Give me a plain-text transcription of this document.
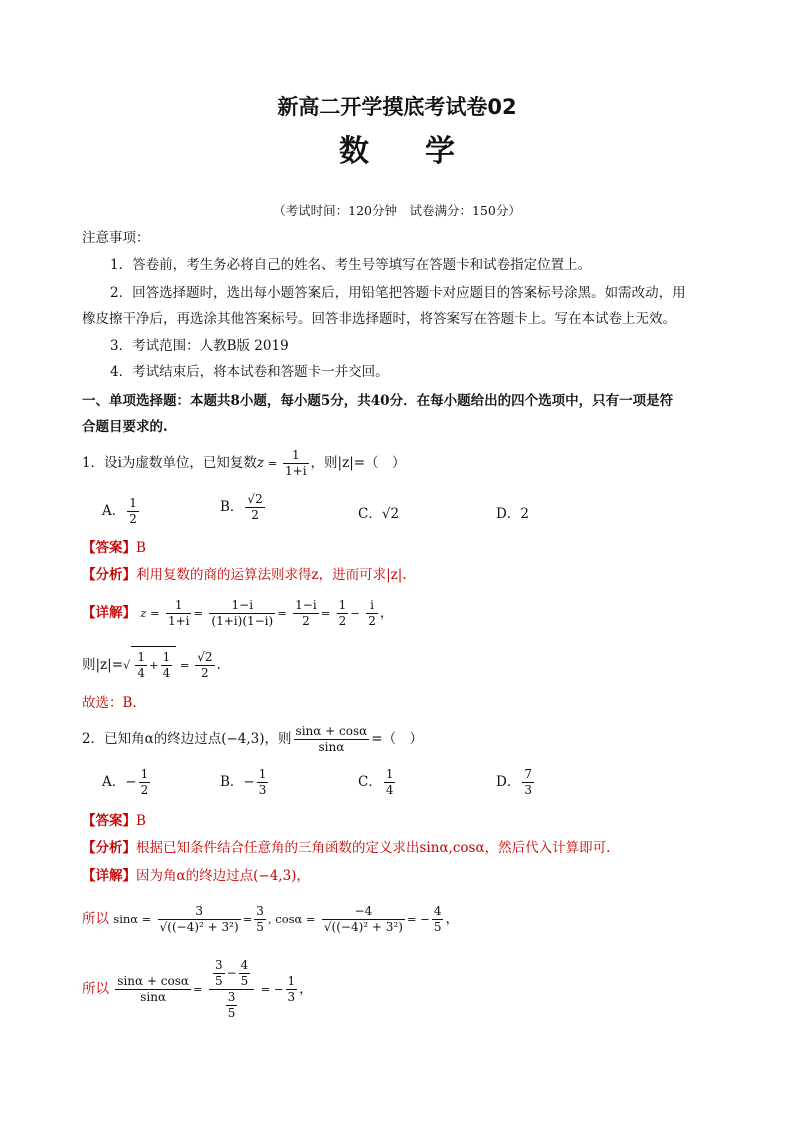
新高二开学摸底考试卷02
数学
（考试时间：120分钟　试卷满分：150分）
注意事项：
1．答卷前，考生务必将自己的姓名、考生号等填写在答题卡和试卷指定位置上。
2．回答选择题时，选出每小题答案后，用铅笔把答题卡对应题目的答案标号涂黑。如需改动，用
橡皮擦干净后，再选涂其他答案标号。回答非选择题时，将答案写在答题卡上。写在本试卷上无效。
3．考试范围：人教B版 2019
4．考试结束后，将本试卷和答题卡一并交回。
一、单项选择题：本题共8小题，每小题5分，共40分．在每小题给出的四个选项中，只有一项是符
合题目要求的.
1．设i为虚数单位，已知复数$z = \frac{1}{1+i}$ ，则|z|=（　）
A． $\frac{1}{2}$	B． $\frac{√2}{2}$	C．√2	D．2
【答案】B
【分析】利用复数的商的运算法则求得z，进而可求|z|.
【详解】 $z = \frac{1}{1+i} = \frac{1-i}{(1+i)(1-i)} = \frac{1-i}{2} = \frac{1}{2} - \frac{i}{2}$ ，
则$|z|=√ \frac{1}{4} + \frac{1}{4} = \frac{√2}{2}$ .
故选：B.
2．已知角α的终边过点(−4,3)，则 $\frac{\sin\alpha + \cos\alpha}{\sin\alpha}$ =（　）
A．− $\frac{1}{2}$	B．− $\frac{1}{3}$	C． $\frac{1}{4}$	D． $\frac{7}{3}$
【答案】B
【分析】根据已知条件结合任意角的三角函数的定义求出sinα,cosα，然后代入计算即可.
【详解】因为角α的终边过点(−4,3)，
所以 $\sin\alpha = \frac{3}{\text{√((−4)² + 3²)}} = \frac{3}{5}$ , $\cos\alpha = \frac{-4}{\text{√((−4)² + 3²)}}$ = − $\frac{4}{5}$ ，
所以 $\frac{\sin\alpha + \cos\alpha}{\sin\alpha} = \frac{\frac{3}{5} - \frac{4}{5}}{\frac{3}{5}}$ = − $\frac{1}{3}$ ，
